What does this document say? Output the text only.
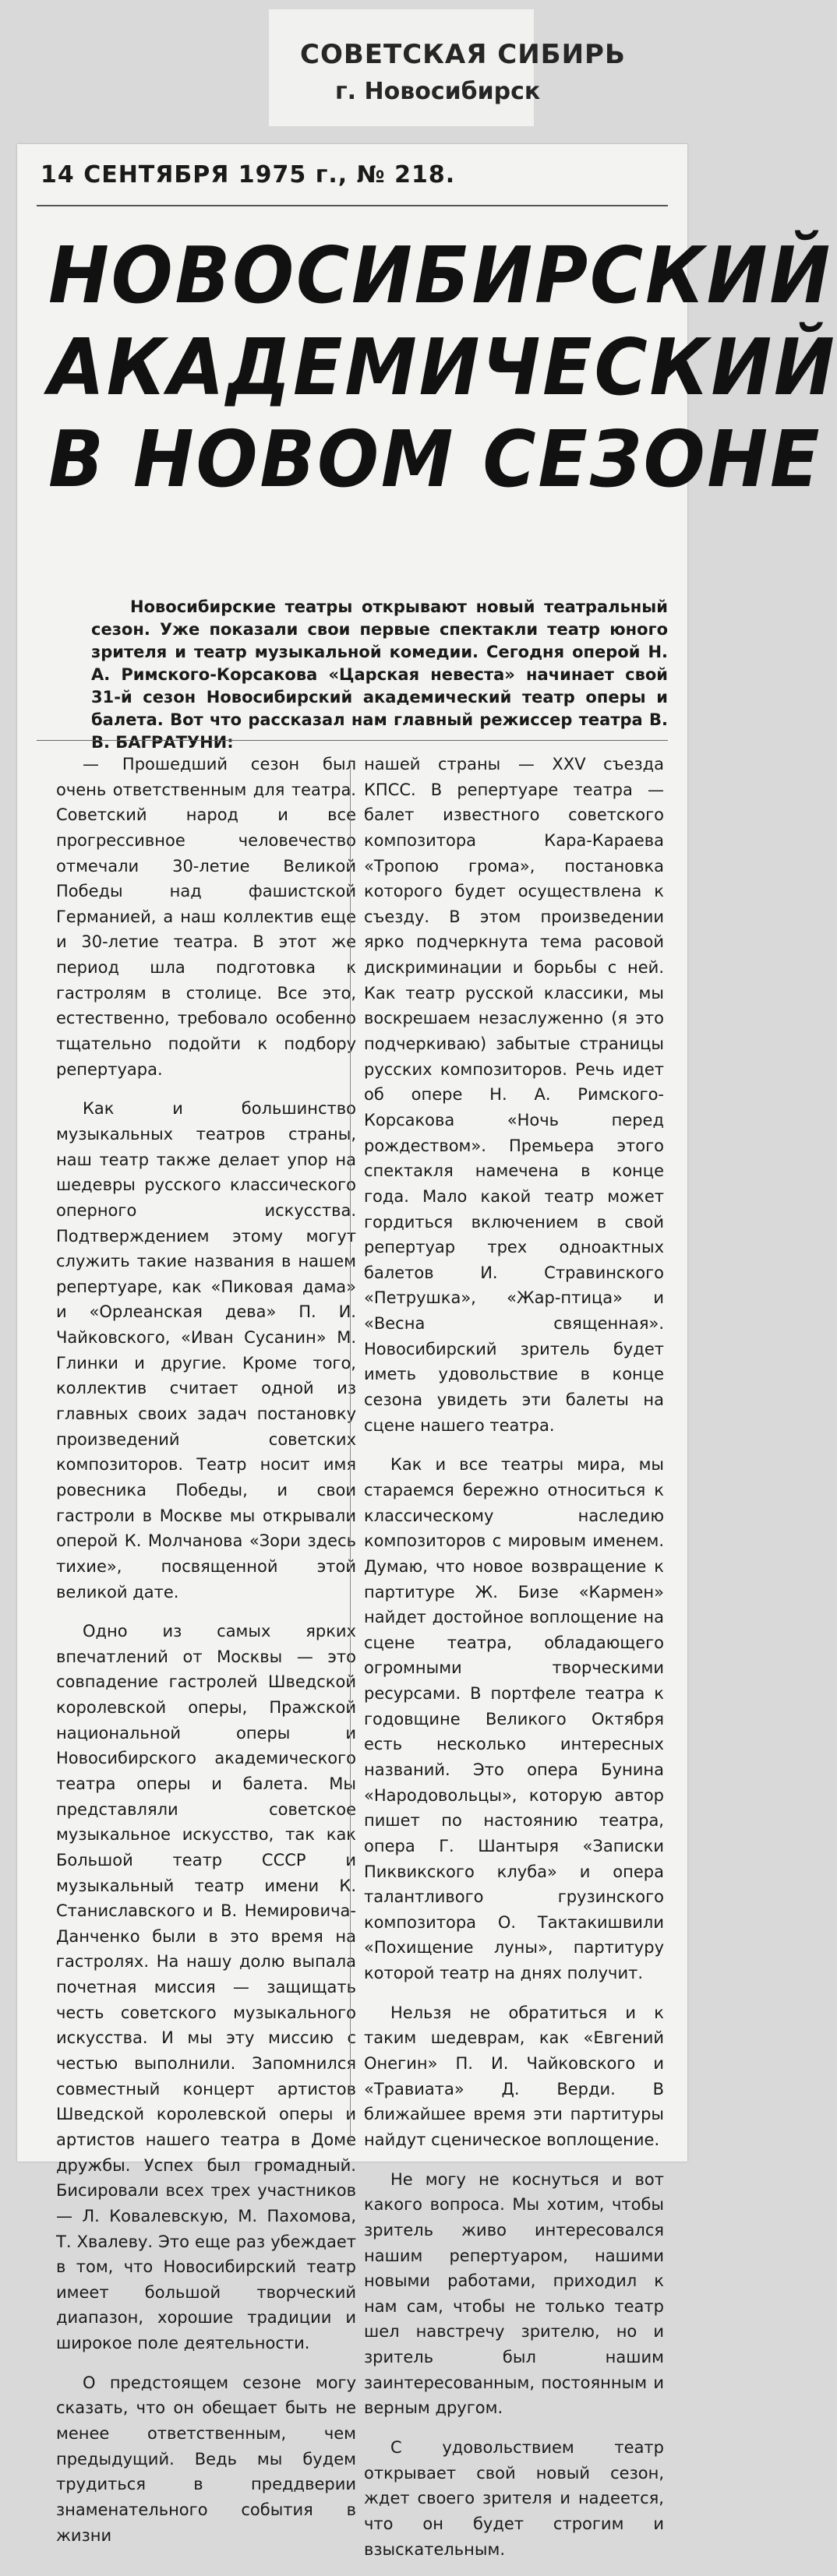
СОВЕТСКАЯ СИБИРЬ
г. Новосибирск
14 СЕНТЯБРЯ 1975 г., № 218.
НОВОСИБИРСКИЙ
АКАДЕМИЧЕСКИЙ
В НОВОМ СЕЗОНЕ
Новосибирские театры открывают новый театральный сезон. Уже показали свои первые спектакли театр юного зрителя и театр музыкальной комедии. Сегодня оперой Н. А. Римского-Корсакова «Царская невеста» начинает свой 31-й сезон Новосибирский академический театр оперы и балета. Вот что рассказал нам главный режиссер театра В. В. БАГРАТУНИ:

— Прошедший сезон был очень ответственным для театра. Советский народ и все прогрессивное человечество отмечали 30-летие Великой Победы над фашистской Германией, а наш коллектив еще и 30-летие театра. В этот же период шла подготовка к гастролям в столице. Все это, естественно, требовало особенно тщательно подойти к подбору репертуара.

Как и большинство музыкальных театров страны, наш театр также делает упор на шедевры русского классического оперного искусства. Подтверждением этому могут служить такие названия в нашем репертуаре, как «Пиковая дама» и «Орлеанская дева» П. И. Чайковского, «Иван Сусанин» М. Глинки и другие. Кроме того, коллектив считает одной из главных своих задач постановку произведений советских композиторов. Театр носит имя ровесника Победы, и свои гастроли в Москве мы открывали оперой К. Молчанова «Зори здесь тихие», посвященной этой великой дате.

Одно из самых ярких впечатлений от Москвы — это совпадение гастролей Шведской королевской оперы, Пражской национальной оперы и Новосибирского академического театра оперы и балета. Мы представляли советское музыкальное искусство, так как Большой театр СССР и музыкальный театр имени К. Станиславского и В. Немировича-Данченко были в это время на гастролях. На нашу долю выпала почетная миссия — защищать честь советского музыкального искусства. И мы эту миссию с честью выполнили. Запомнился совместный концерт артистов Шведской королевской оперы и артистов нашего театра в Доме дружбы. Успех был громадный. Бисировали всех трех участников — Л. Ковалевскую, М. Пахомова, Т. Хвалеву. Это еще раз убеждает в том, что Новосибирский театр имеет большой творческий диапазон, хорошие традиции и широкое поле деятельности.

О предстоящем сезоне могу сказать, что он обещает быть не менее ответственным, чем предыдущий. Ведь мы будем трудиться в преддверии знаменательного события в жизни

нашей страны — XXV съезда КПСС. В репертуаре театра — балет известного советского композитора Кара-Караева «Тропою грома», постановка которого будет осуществлена к съезду. В этом произведении ярко подчеркнута тема расовой дискриминации и борьбы с ней. Как театр русской классики, мы воскрешаем незаслуженно (я это подчеркиваю) забытые страницы русских композиторов. Речь идет об опере Н. А. Римского-Корсакова «Ночь перед рождеством». Премьера этого спектакля намечена в конце года. Мало какой театр может гордиться включением в свой репертуар трех одноактных балетов И. Стравинского «Петрушка», «Жар-птица» и «Весна священная». Новосибирский зритель будет иметь удовольствие в конце сезона увидеть эти балеты на сцене нашего театра.

Как и все театры мира, мы стараемся бережно относиться к классическому наследию композиторов с мировым именем. Думаю, что новое возвращение к партитуре Ж. Бизе «Кармен» найдет достойное воплощение на сцене театра, обладающего огромными творческими ресурсами. В портфеле театра к годовщине Великого Октября есть несколько интересных названий. Это опера Бунина «Народовольцы», которую автор пишет по настоянию театра, опера Г. Шантыря «Записки Пиквикского клуба» и опера талантливого грузинского композитора О. Тактакишвили «Похищение луны», партитуру которой театр на днях получит.

Нельзя не обратиться и к таким шедеврам, как «Евгений Онегин» П. И. Чайковского и «Травиата» Д. Верди. В ближайшее время эти партитуры найдут сценическое воплощение.

Не могу не коснуться и вот какого вопроса. Мы хотим, чтобы зритель живо интересовался нашим репертуаром, нашими новыми работами, приходил к нам сам, чтобы не только театр шел навстречу зрителю, но и зритель был нашим заинтересованным, постоянным и верным другом.

С удовольствием театр открывает свой новый сезон, ждет своего зрителя и надеется, что он будет строгим и взыскательным.
